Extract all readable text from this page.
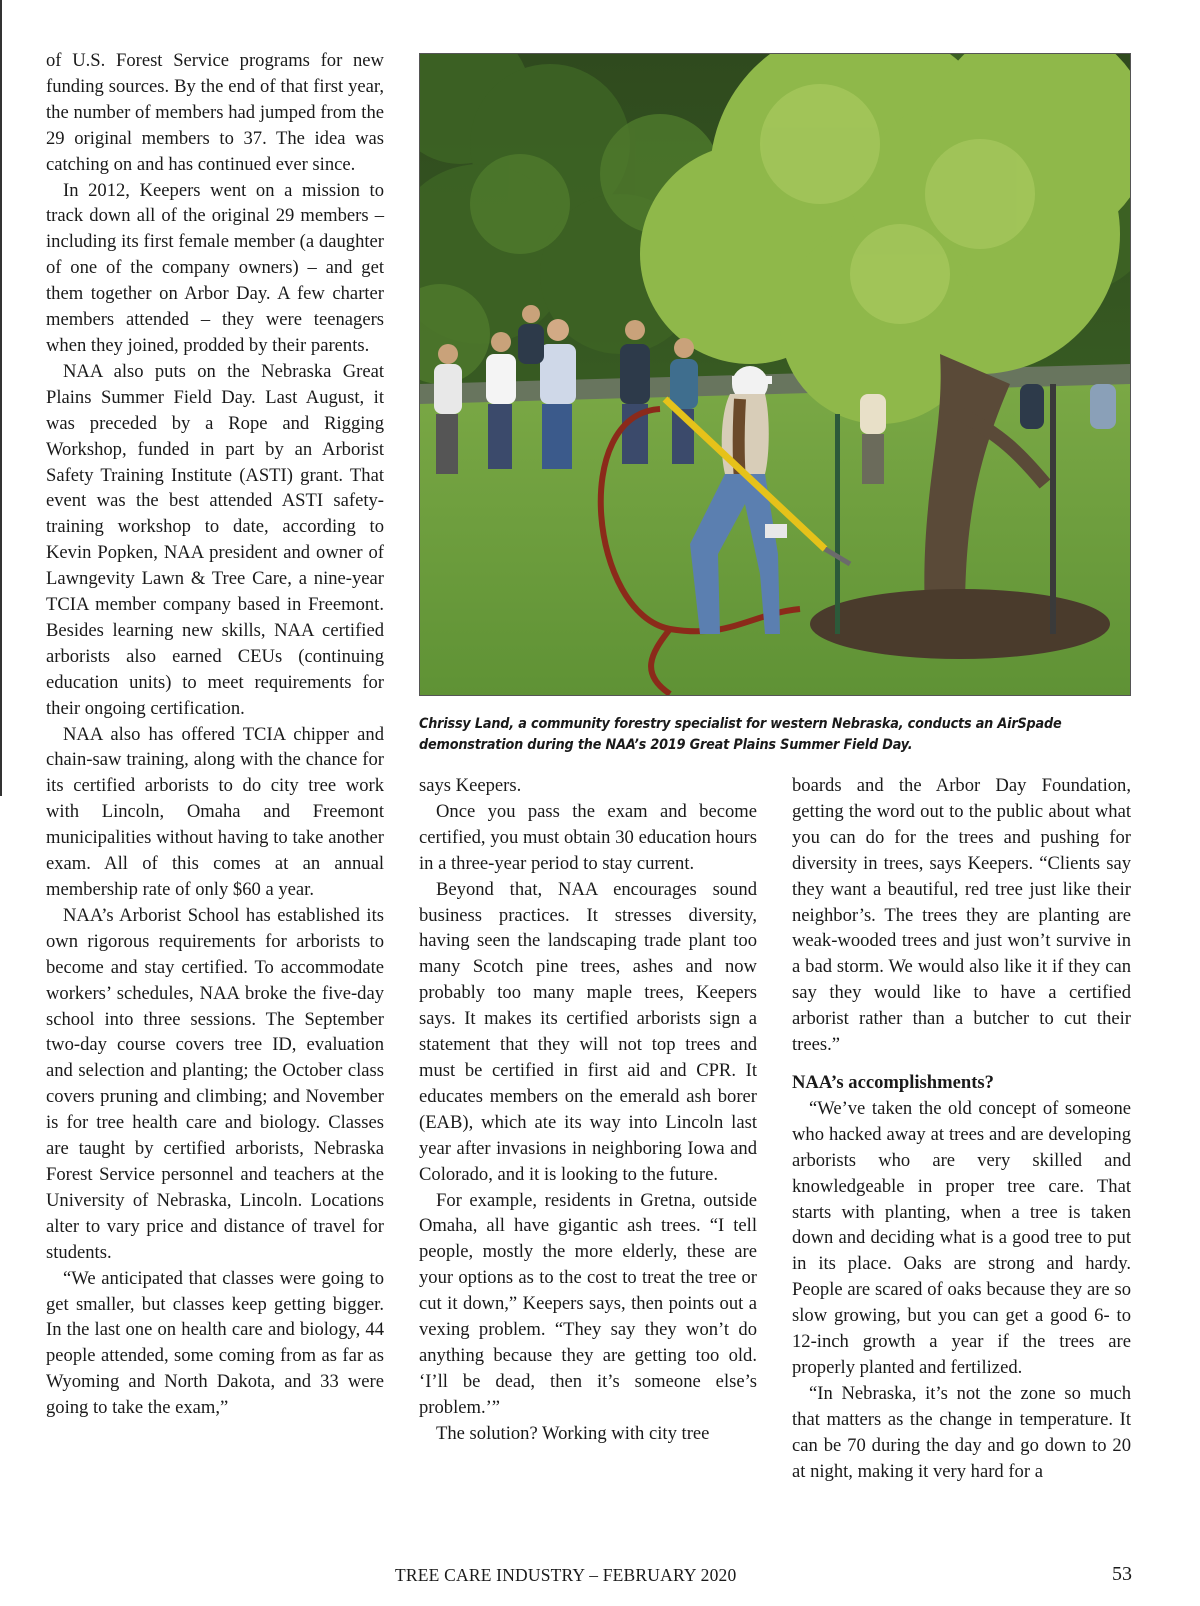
of U.S. Forest Service programs for new funding sources. By the end of that first year, the number of members had jumped from the 29 original members to 37. The idea was catching on and has continued ever since.

In 2012, Keepers went on a mission to track down all of the original 29 members – including its first female member (a daughter of one of the company owners) – and get them together on Arbor Day. A few charter members attended – they were teenagers when they joined, prodded by their parents.

NAA also puts on the Nebraska Great Plains Summer Field Day. Last August, it was preceded by a Rope and Rigging Workshop, funded in part by an Arborist Safety Training Institute (ASTI) grant. That event was the best attended ASTI safety-training workshop to date, according to Kevin Popken, NAA president and owner of Lawngevity Lawn & Tree Care, a nine-year TCIA member company based in Freemont. Besides learning new skills, NAA certified arborists also earned CEUs (continuing education units) to meet requirements for their ongoing certification.

NAA also has offered TCIA chipper and chain-saw training, along with the chance for its certified arborists to do city tree work with Lincoln, Omaha and Freemont municipalities without having to take another exam. All of this comes at an annual membership rate of only $60 a year.

NAA’s Arborist School has established its own rigorous requirements for arborists to become and stay certified. To accommodate workers’ schedules, NAA broke the five-day school into three sessions. The September two-day course covers tree ID, evaluation and selection and planting; the October class covers pruning and climbing; and November is for tree health care and biology. Classes are taught by certified arborists, Nebraska Forest Service personnel and teachers at the University of Nebraska, Lincoln. Locations alter to vary price and distance of travel for students.

“We anticipated that classes were going to get smaller, but classes keep getting bigger. In the last one on health care and biology, 44 people attended, some coming from as far as Wyoming and North Dakota, and 33 were going to take the exam,”

Chrissy Land, a community forestry specialist for western Nebraska, conducts an AirSpade demonstration during the NAA’s 2019 Great Plains Summer Field Day.

says Keepers.

Once you pass the exam and become certified, you must obtain 30 education hours in a three-year period to stay current.

Beyond that, NAA encourages sound business practices. It stresses diversity, having seen the landscaping trade plant too many Scotch pine trees, ashes and now probably too many maple trees, Keepers says. It makes its certified arborists sign a statement that they will not top trees and must be certified in first aid and CPR. It educates members on the emerald ash borer (EAB), which ate its way into Lincoln last year after invasions in neighboring Iowa and Colorado, and it is looking to the future.

For example, residents in Gretna, outside Omaha, all have gigantic ash trees. “I tell people, mostly the more elderly, these are your options as to the cost to treat the tree or cut it down,” Keepers says, then points out a vexing problem. “They say they won’t do anything because they are getting too old. ‘I’ll be dead, then it’s someone else’s problem.’”

The solution? Working with city tree

boards and the Arbor Day Foundation, getting the word out to the public about what you can do for the trees and pushing for diversity in trees, says Keepers. “Clients say they want a beautiful, red tree just like their neighbor’s. The trees they are planting are weak-wooded trees and just won’t survive in a bad storm. We would also like it if they can say they would like to have a certified arborist rather than a butcher to cut their trees.”

NAA’s accomplishments?

“We’ve taken the old concept of someone who hacked away at trees and are developing arborists who are very skilled and knowledgeable in proper tree care. That starts with planting, when a tree is taken down and deciding what is a good tree to put in its place. Oaks are strong and hardy. People are scared of oaks because they are so slow growing, but you can get a good 6- to 12-inch growth a year if the trees are properly planted and fertilized.

“In Nebraska, it’s not the zone so much that matters as the change in temperature. It can be 70 during the day and go down to 20 at night, making it very hard for a

TREE CARE INDUSTRY – FEBRUARY 2020	53
